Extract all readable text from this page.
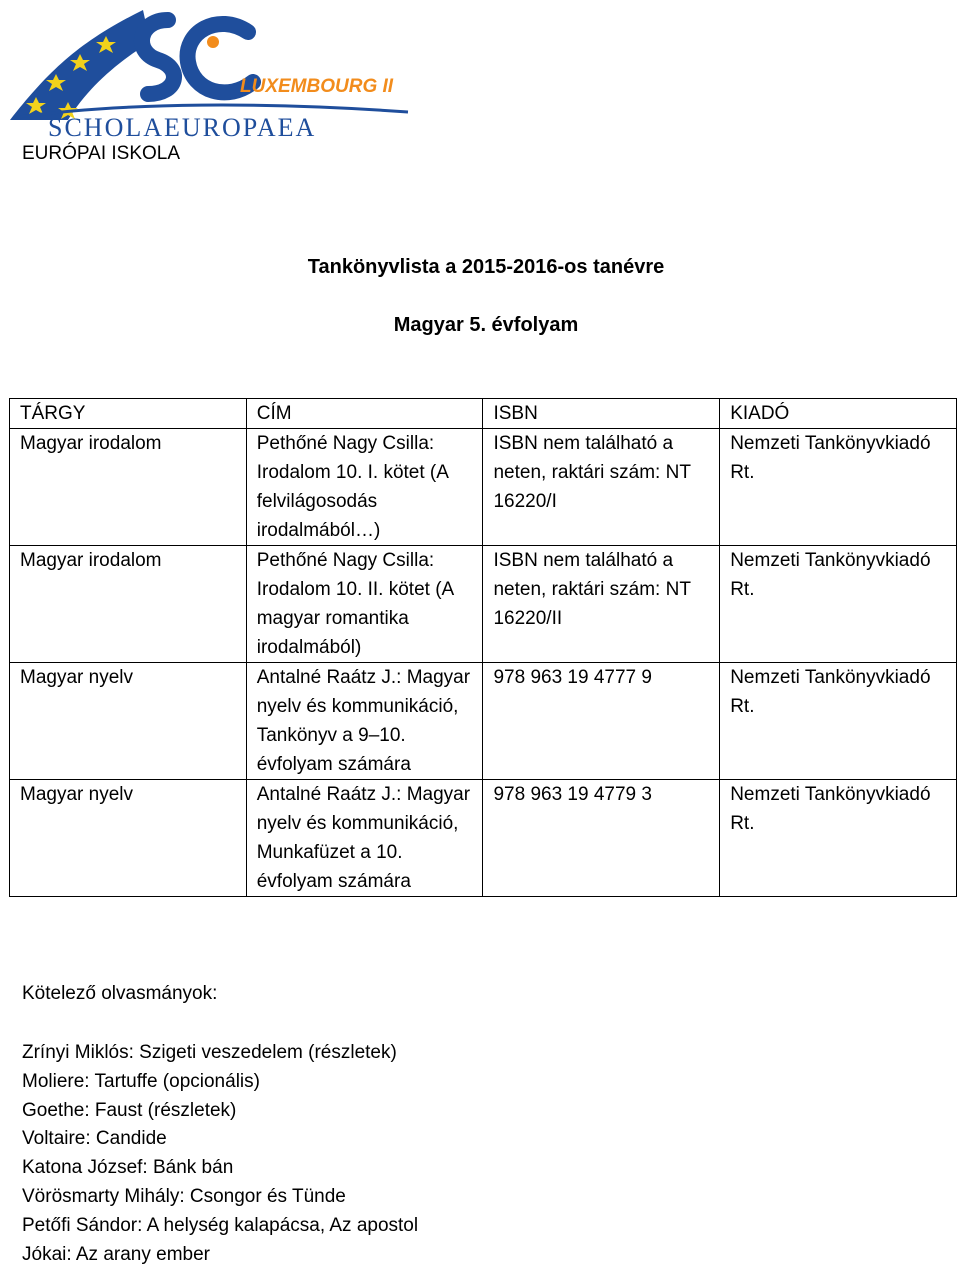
LUXEMBOURG II
SCHOLAEUROPAEA
EURÓPAI ISKOLA
Tankönyvlista a 2015-2016-os tanévre
Magyar 5. évfolyam
TÁRGY	CÍM	ISBN	KIADÓ
Magyar irodalom	Pethőné Nagy Csilla: Irodalom 10. I. kötet (A felvilágosodás irodalmából…)	ISBN nem található a neten, raktári szám: NT 16220/I	Nemzeti Tankönyvkiadó Rt.
Magyar irodalom	Pethőné Nagy Csilla: Irodalom 10. II. kötet (A magyar romantika irodalmából)	ISBN nem található a neten, raktári szám: NT 16220/II	Nemzeti Tankönyvkiadó Rt.
Magyar nyelv	Antalné Raátz J.: Magyar nyelv és kommunikáció, Tankönyv a 9–10. évfolyam számára	978 963 19 4777 9	Nemzeti Tankönyvkiadó Rt.
Magyar nyelv	Antalné Raátz J.: Magyar nyelv és kommunikáció, Munkafüzet a 10. évfolyam számára	978 963 19 4779 3	Nemzeti Tankönyvkiadó Rt.
Kötelező olvasmányok:
Zrínyi Miklós: Szigeti veszedelem (részletek)
Moliere: Tartuffe (opcionális)
Goethe: Faust (részletek)
Voltaire: Candide
Katona József: Bánk bán
Vörösmarty Mihály: Csongor és Tünde
Petőfi Sándor: A helység kalapácsa, Az apostol
Jókai: Az arany ember
